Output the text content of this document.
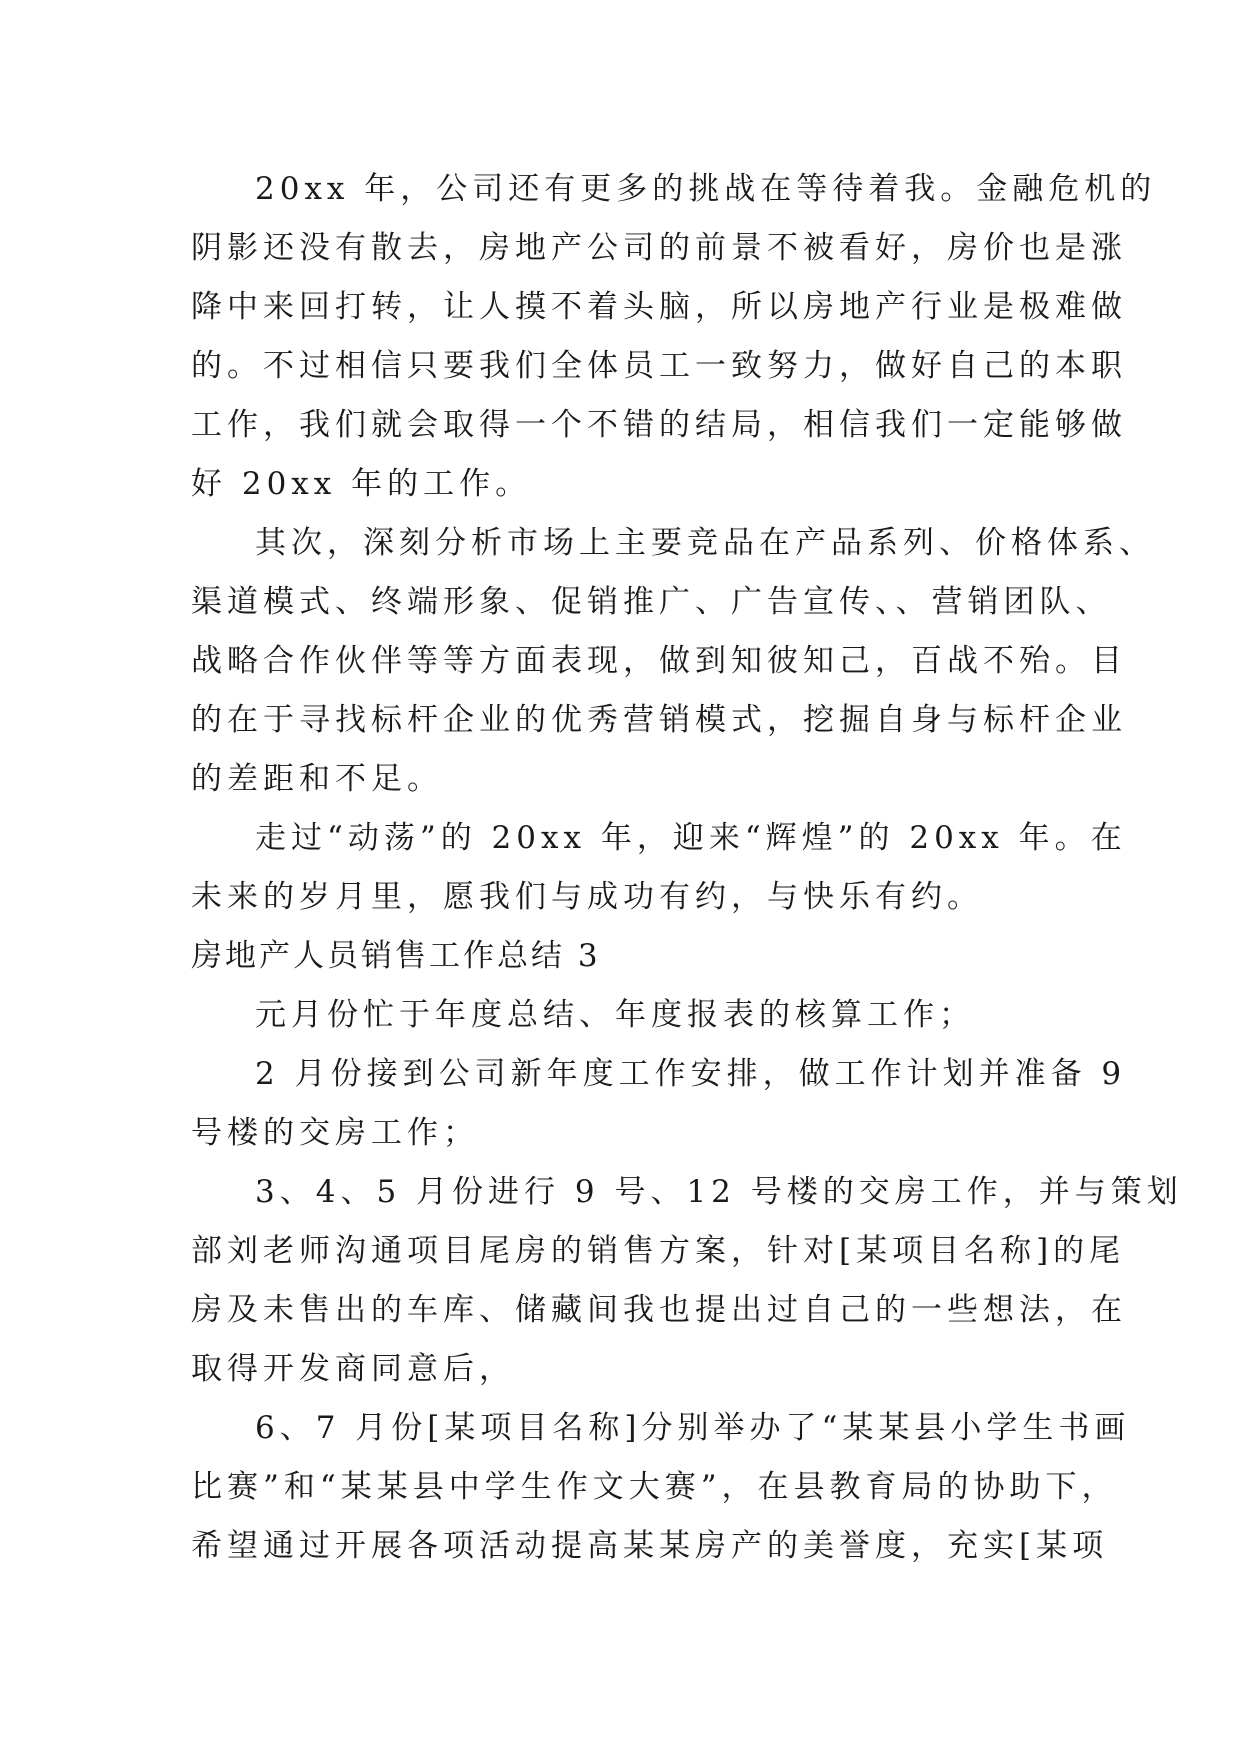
20xx 年，公司还有更多的挑战在等待着我。金融危机的
阴影还没有散去，房地产公司的前景不被看好，房价也是涨
降中来回打转，让人摸不着头脑，所以房地产行业是极难做
的。不过相信只要我们全体员工一致努力，做好自己的本职
工作，我们就会取得一个不错的结局，相信我们一定能够做
好 20xx 年的工作。
其次，深刻分析市场上主要竞品在产品系列、价格体系、
渠道模式、终端形象、促销推广、广告宣传、、营销团队、
战略合作伙伴等等方面表现，做到知彼知己，百战不殆。目
的在于寻找标杆企业的优秀营销模式，挖掘自身与标杆企业
的差距和不足。
走过“动荡”的 20xx 年，迎来“辉煌”的 20xx 年。在
未来的岁月里，愿我们与成功有约，与快乐有约。
房地产人员销售工作总结 3
元月份忙于年度总结、年度报表的核算工作；
2 月份接到公司新年度工作安排，做工作计划并准备 9
号楼的交房工作；
3、4、5 月份进行 9 号、12 号楼的交房工作，并与策划
部刘老师沟通项目尾房的销售方案，针对[某项目名称]的尾
房及未售出的车库、储藏间我也提出过自己的一些想法，在
取得开发商同意后，
6、7 月份[某项目名称]分别举办了“某某县小学生书画
比赛”和“某某县中学生作文大赛”，在县教育局的协助下，
希望通过开展各项活动提高某某房产的美誉度，充实[某项
